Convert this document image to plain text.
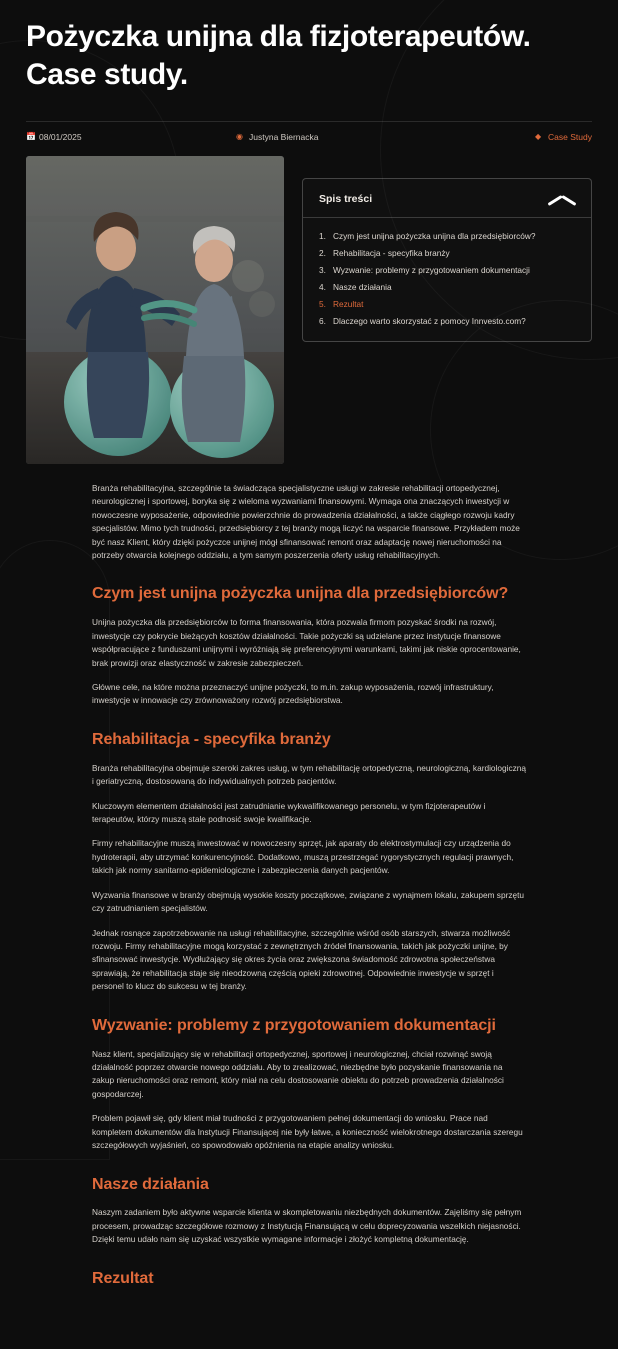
Pożyczka unijna dla fizjoterapeutów. Case study.
📅 08/01/2025	◉ Justyna Biernacka	◆ Case Study
Spis treści
Czym jest unijna pożyczka unijna dla przedsiębiorców?
Rehabilitacja - specyfika branży
Wyzwanie: problemy z przygotowaniem dokumentacji
Nasze działania
Rezultat
Dlaczego warto skorzystać z pomocy Innvesto.com?

Branża rehabilitacyjna, szczególnie ta świadcząca specjalistyczne usługi w zakresie rehabilitacji ortopedycznej, neurologicznej i sportowej, boryka się z wieloma wyzwaniami finansowymi. Wymaga ona znaczących inwestycji w nowoczesne wyposażenie, odpowiednie powierzchnie do prowadzenia działalności, a także ciągłego rozwoju kadry specjalistów. Mimo tych trudności, przedsiębiorcy z tej branży mogą liczyć na wsparcie finansowe. Przykładem może być nasz Klient, który dzięki pożyczce unijnej mógł sfinansować remont oraz adaptację nowej nieruchomości na potrzeby otwarcia kolejnego oddziału, a tym samym poszerzenia oferty usług rehabilitacyjnych.

Czym jest unijna pożyczka unijna dla przedsiębiorców?

Unijna pożyczka dla przedsiębiorców to forma finansowania, która pozwala firmom pozyskać środki na rozwój, inwestycje czy pokrycie bieżących kosztów działalności. Takie pożyczki są udzielane przez instytucje finansowe współpracujące z funduszami unijnymi i wyróżniają się preferencyjnymi warunkami, takimi jak niskie oprocentowanie, brak prowizji oraz elastyczność w zakresie zabezpieczeń.

Główne cele, na które można przeznaczyć unijne pożyczki, to m.in. zakup wyposażenia, rozwój infrastruktury, inwestycje w innowacje czy zrównoważony rozwój przedsiębiorstwa.

Rehabilitacja - specyfika branży

Branża rehabilitacyjna obejmuje szeroki zakres usług, w tym rehabilitację ortopedyczną, neurologiczną, kardiologiczną i geriatryczną, dostosowaną do indywidualnych potrzeb pacjentów.

Kluczowym elementem działalności jest zatrudnianie wykwalifikowanego personelu, w tym fizjoterapeutów i terapeutów, którzy muszą stale podnosić swoje kwalifikacje.

Firmy rehabilitacyjne muszą inwestować w nowoczesny sprzęt, jak aparaty do elektrostymulacji czy urządzenia do hydroterapii, aby utrzymać konkurencyjność. Dodatkowo, muszą przestrzegać rygorystycznych regulacji prawnych, takich jak normy sanitarno-epidemiologiczne i zabezpieczenia danych pacjentów.

Wyzwania finansowe w branży obejmują wysokie koszty początkowe, związane z wynajmem lokalu, zakupem sprzętu czy zatrudnianiem specjalistów.

Jednak rosnące zapotrzebowanie na usługi rehabilitacyjne, szczególnie wśród osób starszych, stwarza możliwość rozwoju. Firmy rehabilitacyjne mogą korzystać z zewnętrznych źródeł finansowania, takich jak pożyczki unijne, by sfinansować inwestycje. Wydłużający się okres życia oraz zwiększona świadomość zdrowotna społeczeństwa sprawiają, że rehabilitacja staje się nieodzowną częścią opieki zdrowotnej. Odpowiednie inwestycje w sprzęt i personel to klucz do sukcesu w tej branży.

Wyzwanie: problemy z przygotowaniem dokumentacji

Nasz klient, specjalizujący się w rehabilitacji ortopedycznej, sportowej i neurologicznej, chciał rozwinąć swoją działalność poprzez otwarcie nowego oddziału. Aby to zrealizować, niezbędne było pozyskanie finansowania na zakup nieruchomości oraz remont, który miał na celu dostosowanie obiektu do potrzeb prowadzenia działalności gospodarczej.

Problem pojawił się, gdy klient miał trudności z przygotowaniem pełnej dokumentacji do wniosku. Prace nad kompletem dokumentów dla Instytucji Finansującej nie były łatwe, a konieczność wielokrotnego dostarczania szeregu szczegółowych wyjaśnień, co spowodowało opóźnienia na etapie analizy wniosku.

Nasze działania

Naszym zadaniem było aktywne wsparcie klienta w skompletowaniu niezbędnych dokumentów. Zajęliśmy się pełnym procesem, prowadząc szczegółowe rozmowy z Instytucją Finansującą w celu doprecyzowania wszelkich niejasności. Dzięki temu udało nam się uzyskać wszystkie wymagane informacje i złożyć kompletną dokumentację.

Rezultat
